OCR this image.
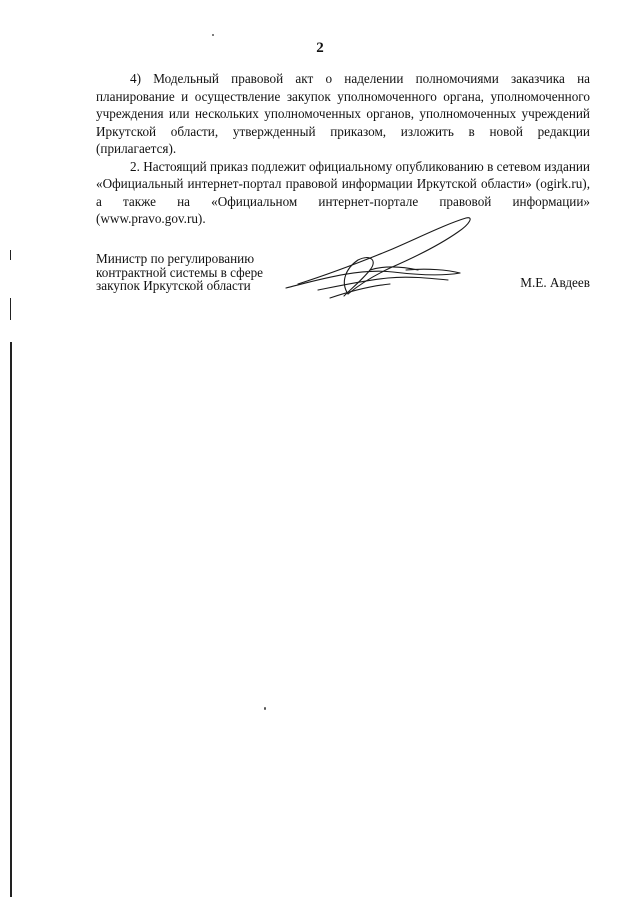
2

4) Модельный правовой акт о наделении полномочиями заказчика на планирование и осуществление закупок уполномоченного органа, уполномоченного учреждения или нескольких уполномоченных органов, уполномоченных учреждений Иркутской области, утвержденный приказом, изложить в новой редакции (прилагается).

2. Настоящий приказ подлежит официальному опубликованию в сетевом издании «Официальный интернет-портал правовой информации Иркутской области» (ogirk.ru), а также на «Официальном интернет-портале правовой информации» (www.pravo.gov.ru).

Министр по регулированию
контрактной системы в сфере
закупок Иркутской области	М.Е. Авдеев
